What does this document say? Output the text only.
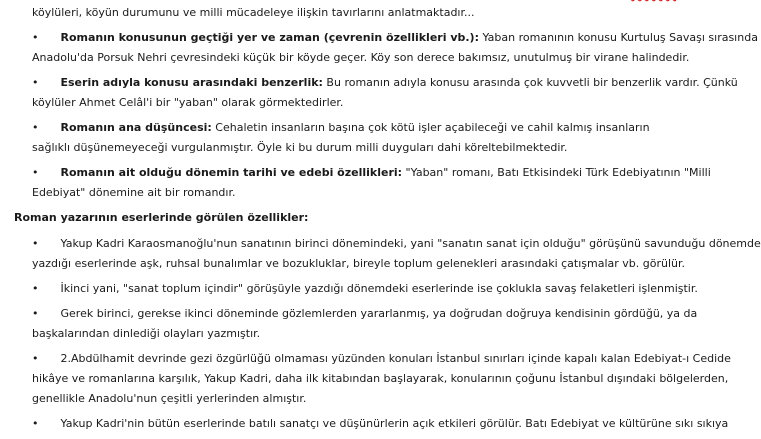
köylüleri, köyün durumunu ve milli mücadeleye ilişkin tavırlarını anlatmaktadır...
• Romanın konusunun geçtiği yer ve zaman (çevrenin özellikleri vb.): Yaban romanının konusu Kurtuluş Savaşı sırasında
Anadolu'da Porsuk Nehri çevresindeki küçük bir köyde geçer. Köy son derece bakımsız, unutulmuş bir virane halindedir.
• Eserin adıyla konusu arasındaki benzerlik: Bu romanın adıyla konusu arasında çok kuvvetli bir benzerlik vardır. Çünkü
köylüler Ahmet Celâl'i bir "yaban" olarak görmektedirler.
• Romanın ana düşüncesi: Cehaletin insanların başına çok kötü işler açabileceği ve cahil kalmış insanların
sağlıklı düşünemeyeceği vurgulanmıştır. Öyle ki bu durum milli duyguları dahi köreltebilmektedir.
• Romanın ait olduğu dönemin tarihi ve edebi özellikleri: "Yaban" romanı, Batı Etkisindeki Türk Edebiyatının "Milli
Edebiyat" dönemine ait bir romandır.
Roman yazarının eserlerinde görülen özellikler:
• Yakup Kadri Karaosmanoğlu'nun sanatının birinci dönemindeki, yani "sanatın sanat için olduğu" görüşünü savunduğu dönemde
yazdığı eserlerinde aşk, ruhsal bunalımlar ve bozukluklar, bireyle toplum gelenekleri arasındaki çatışmalar vb. görülür.
• İkinci yani, "sanat toplum içindir" görüşüyle yazdığı dönemdeki eserlerinde ise çoklukla savaş felaketleri işlenmiştir.
• Gerek birinci, gerekse ikinci döneminde gözlemlerden yararlanmış, ya doğrudan doğruya kendisinin gördüğü, ya da
başkalarından dinlediği olayları yazmıştır.
• 2.Abdülhamit devrinde gezi özgürlüğü olmaması yüzünden konuları İstanbul sınırları içinde kapalı kalan Edebiyat-ı Cedide
hikâye ve romanlarına karşılık, Yakup Kadri, daha ilk kitabından başlayarak, konularının çoğunu İstanbul dışındaki bölgelerden,
genellikle Anadolu'nun çeşitli yerlerinden almıştır.
• Yakup Kadri'nin bütün eserlerinde batılı sanatçı ve düşünürlerin açık etkileri görülür. Batı Edebiyat ve kültürüne sıkı sıkıya
